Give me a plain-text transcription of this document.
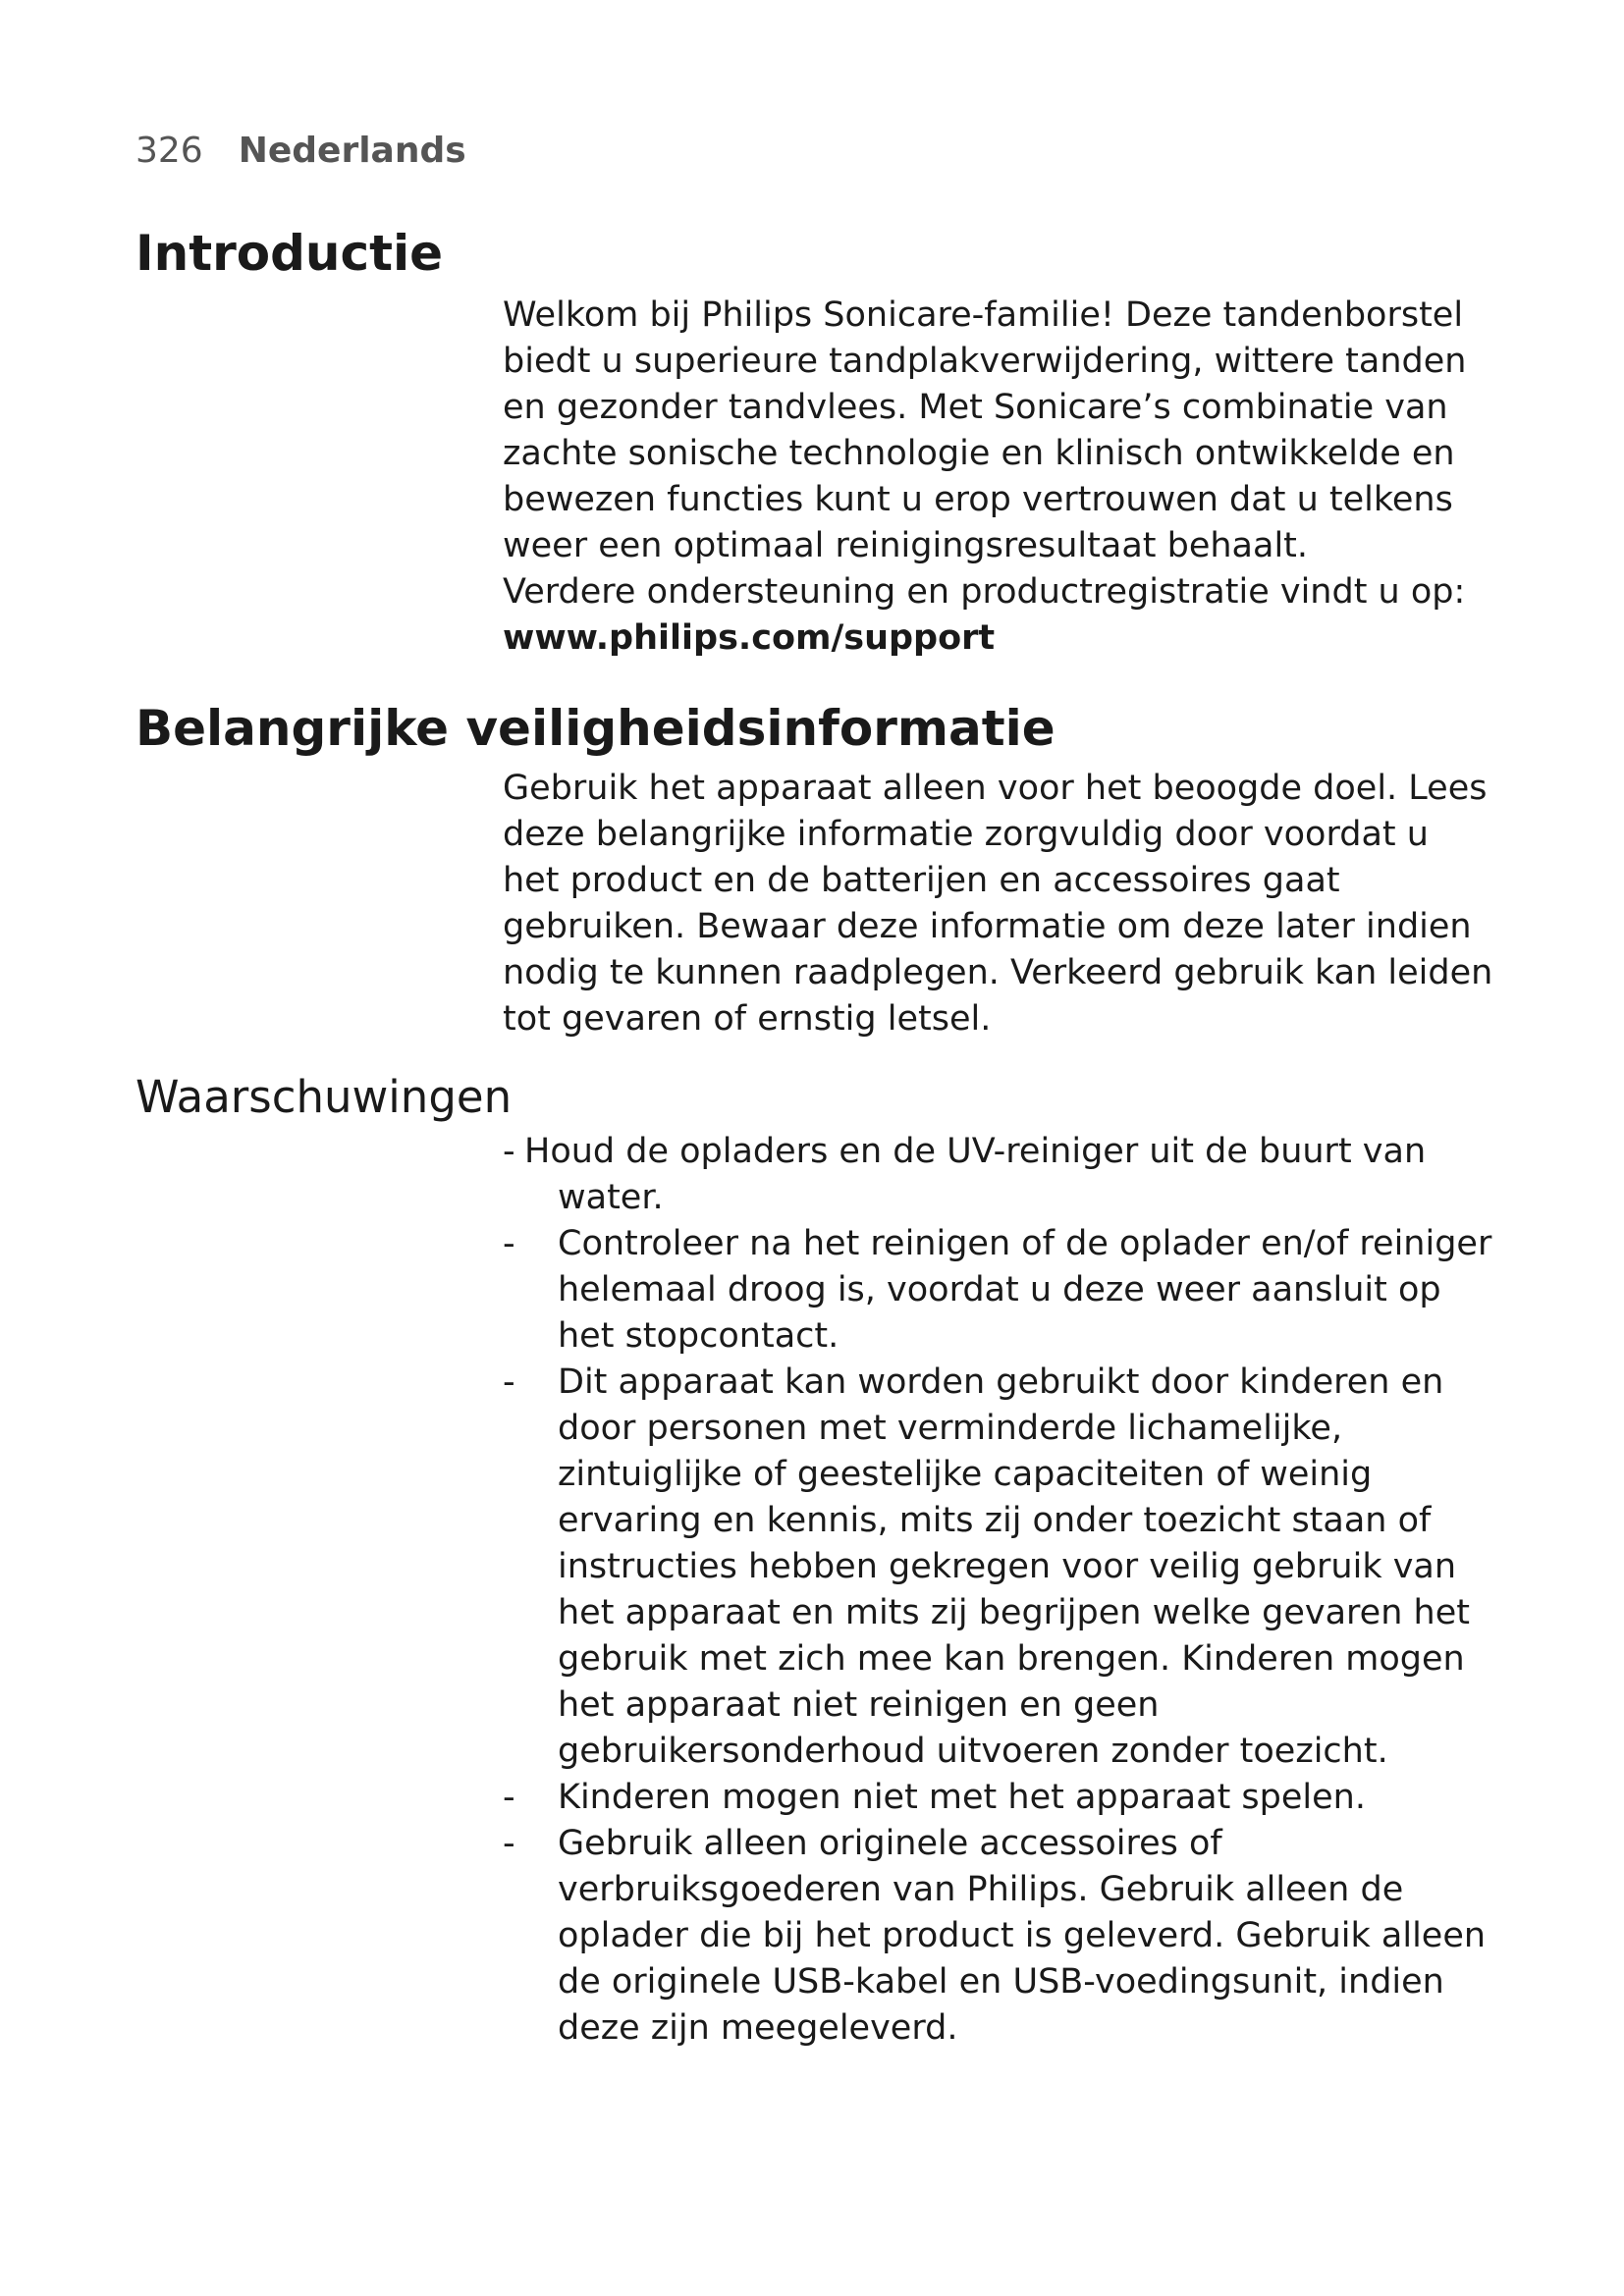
326 Nederlands
Introductie

Welkom bij Philips Sonicare-familie! Deze tandenborstel biedt u superieure tandplakverwijdering, wittere tanden en gezonder tandvlees. Met Sonicare’s combinatie van zachte sonische technologie en klinisch ontwikkelde en bewezen functies kunt u erop vertrouwen dat u telkens weer een optimaal reinigingsresultaat behaalt.

Verdere ondersteuning en productregistratie vindt u op:

www.philips.com/support

Belangrijke veiligheidsinformatie

Gebruik het apparaat alleen voor het beoogde doel. Lees deze belangrijke informatie zorgvuldig door voordat u het product en de batterijen en accessoires gaat gebruiken. Bewaar deze informatie om deze later indien nodig te kunnen raadplegen. Verkeerd gebruik kan leiden tot gevaren of ernstig letsel.

Waarschuwingen
- Houd de opladers en de UV-reiniger uit de buurt van water.
- Controleer na het reinigen of de oplader en/of reiniger helemaal droog is, voordat u deze weer aansluit op het stopcontact.
- Dit apparaat kan worden gebruikt door kinderen en door personen met verminderde lichamelijke, zintuiglijke of geestelijke capaciteiten of weinig ervaring en kennis, mits zij onder toezicht staan of instructies hebben gekregen voor veilig gebruik van het apparaat en mits zij begrijpen welke gevaren het gebruik met zich mee kan brengen. Kinderen mogen het apparaat niet reinigen en geen gebruikersonderhoud uitvoeren zonder toezicht.
- Kinderen mogen niet met het apparaat spelen.
- Gebruik alleen originele accessoires of verbruiksgoederen van Philips. Gebruik alleen de oplader die bij het product is geleverd. Gebruik alleen de originele USB-kabel en USB-voedingsunit, indien deze zijn meegeleverd.
